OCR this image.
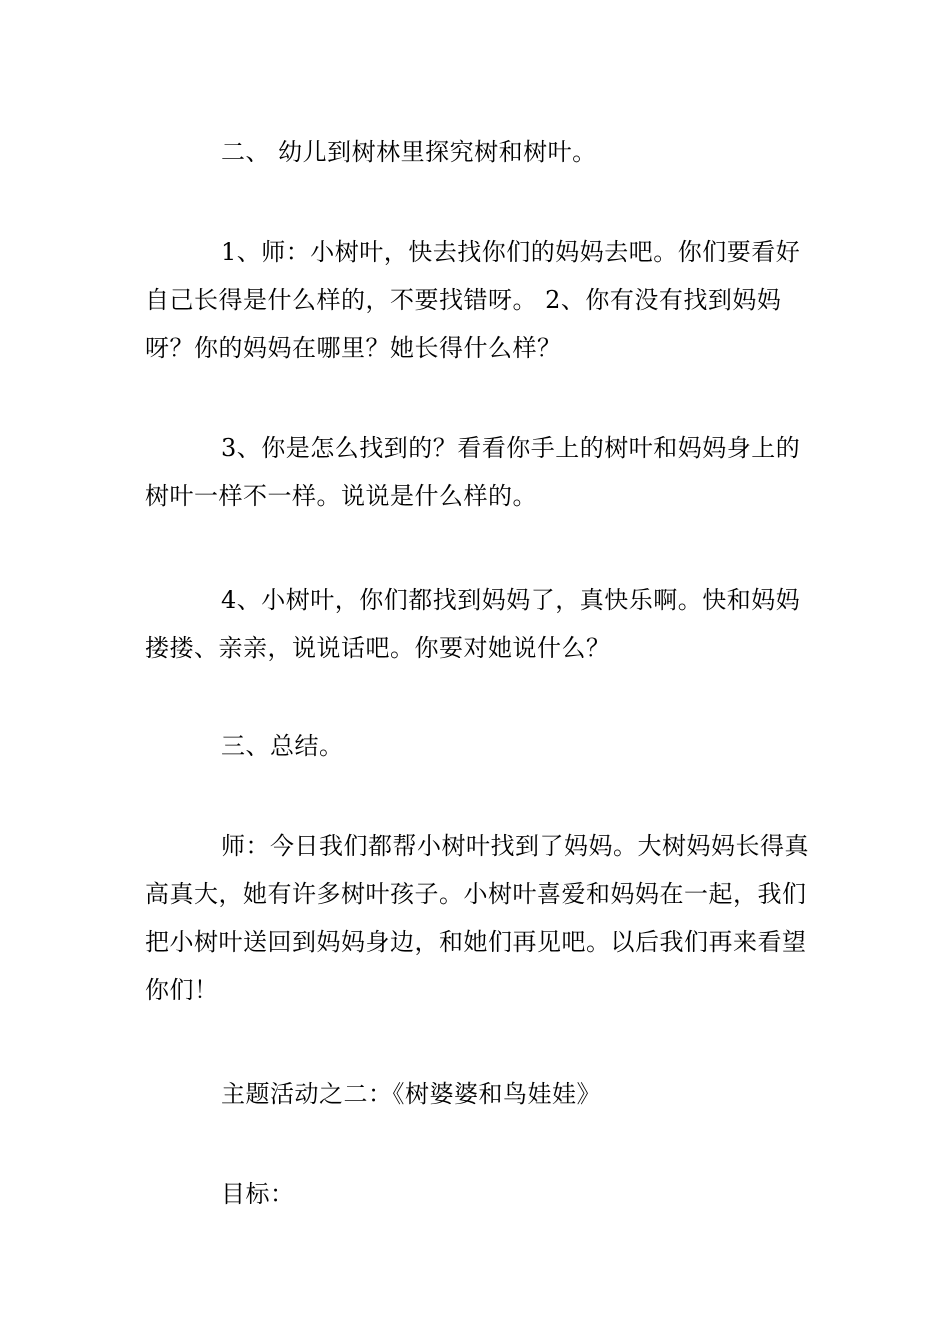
二、 幼儿到树林里探究树和树叶。

1、师：小树叶，快去找你们的妈妈去吧。你们要看好自己长得是什么样的，不要找错呀。 2、你有没有找到妈妈呀？你的妈妈在哪里？她长得什么样？

3、你是怎么找到的？看看你手上的树叶和妈妈身上的树叶一样不一样。说说是什么样的。

4、小树叶，你们都找到妈妈了，真快乐啊。快和妈妈搂搂、亲亲，说说话吧。你要对她说什么？

三、总结。

师：今日我们都帮小树叶找到了妈妈。大树妈妈长得真高真大，她有许多树叶孩子。小树叶喜爱和妈妈在一起，我们把小树叶送回到妈妈身边，和她们再见吧。以后我们再来看望你们！

主题活动之二：《树婆婆和鸟娃娃》

目标：
